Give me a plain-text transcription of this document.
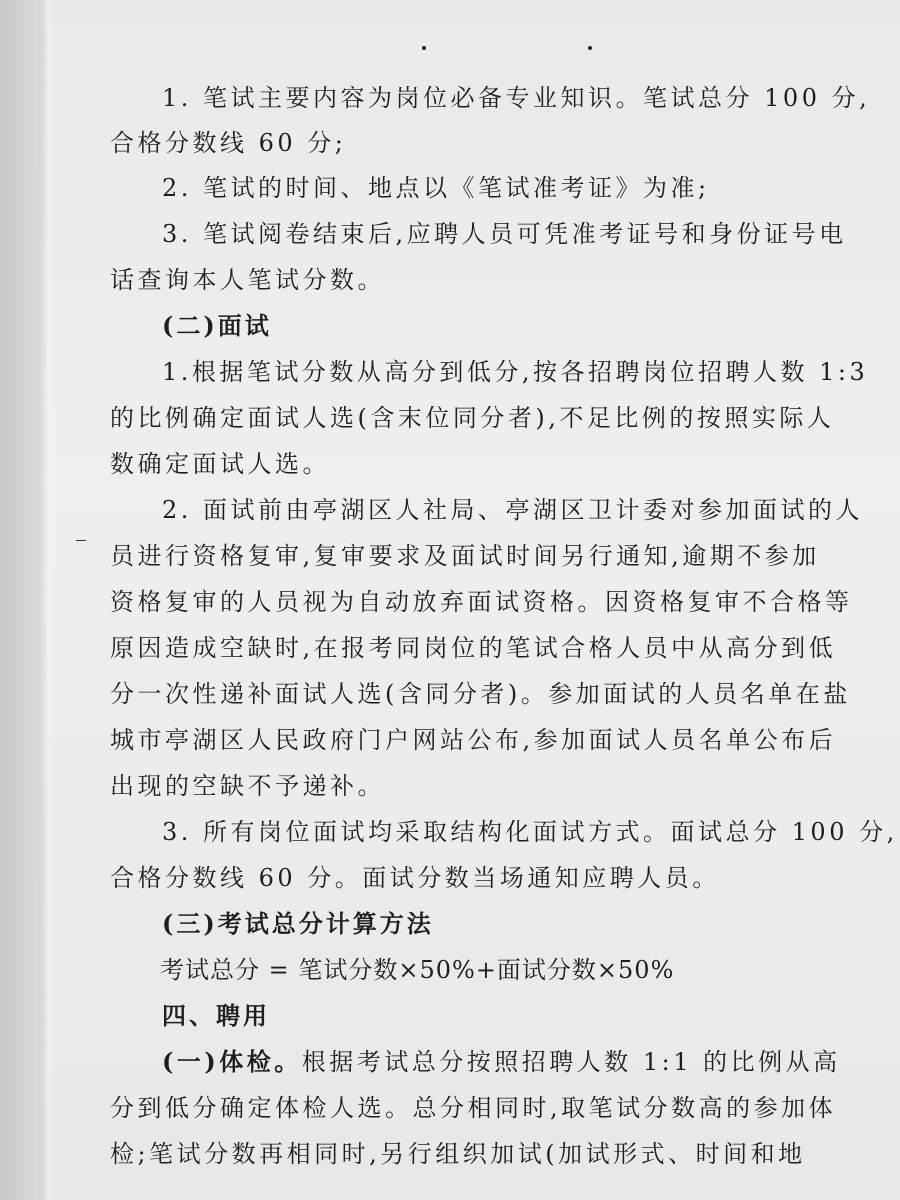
1. 笔试主要内容为岗位必备专业知识。笔试总分 100 分,
合格分数线 60 分;
2. 笔试的时间、地点以《笔试准考证》为准;
3. 笔试阅卷结束后,应聘人员可凭准考证号和身份证号电
话查询本人笔试分数。
(二)面试
1.根据笔试分数从高分到低分,按各招聘岗位招聘人数 1:3
的比例确定面试人选(含末位同分者),不足比例的按照实际人
数确定面试人选。
2. 面试前由亭湖区人社局、亭湖区卫计委对参加面试的人
员进行资格复审,复审要求及面试时间另行通知,逾期不参加
资格复审的人员视为自动放弃面试资格。因资格复审不合格等
原因造成空缺时,在报考同岗位的笔试合格人员中从高分到低
分一次性递补面试人选(含同分者)。参加面试的人员名单在盐
城市亭湖区人民政府门户网站公布,参加面试人员名单公布后
出现的空缺不予递补。
3. 所有岗位面试均采取结构化面试方式。面试总分 100 分,
合格分数线 60 分。面试分数当场通知应聘人员。
(三)考试总分计算方法
考试总分 = 笔试分数×50%+面试分数×50%
四、聘用
(一)体检。根据考试总分按照招聘人数 1:1 的比例从高
分到低分确定体检人选。总分相同时,取笔试分数高的参加体
检;笔试分数再相同时,另行组织加试(加试形式、时间和地
